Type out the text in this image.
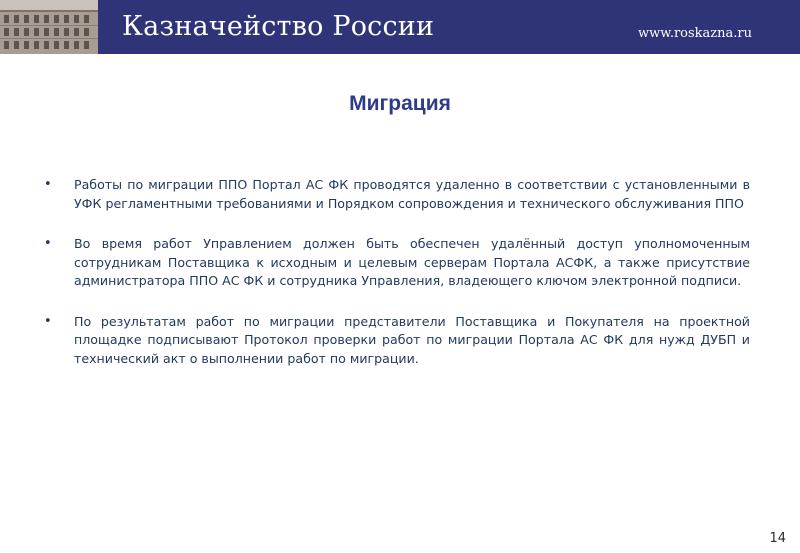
Казначейство России	www.roskazna.ru
Миграция
• Работы по миграции ППО Портал АС ФК проводятся удаленно в соответствии с установленными в УФК регламентными требованиями и Порядком сопровождения и технического обслуживания ППО
• Во время работ Управлением должен быть обеспечен удалённый доступ уполномоченным сотрудникам Поставщика к исходным и целевым серверам Портала АСФК, а также присутствие администратора ППО АС ФК и сотрудника Управления, владеющего ключом электронной подписи.
• По результатам работ по миграции представители Поставщика и Покупателя на проектной площадке подписывают Протокол проверки работ по миграции Портала АС ФК для нужд ДУБП и технический акт о выполнении работ по миграции.
14
